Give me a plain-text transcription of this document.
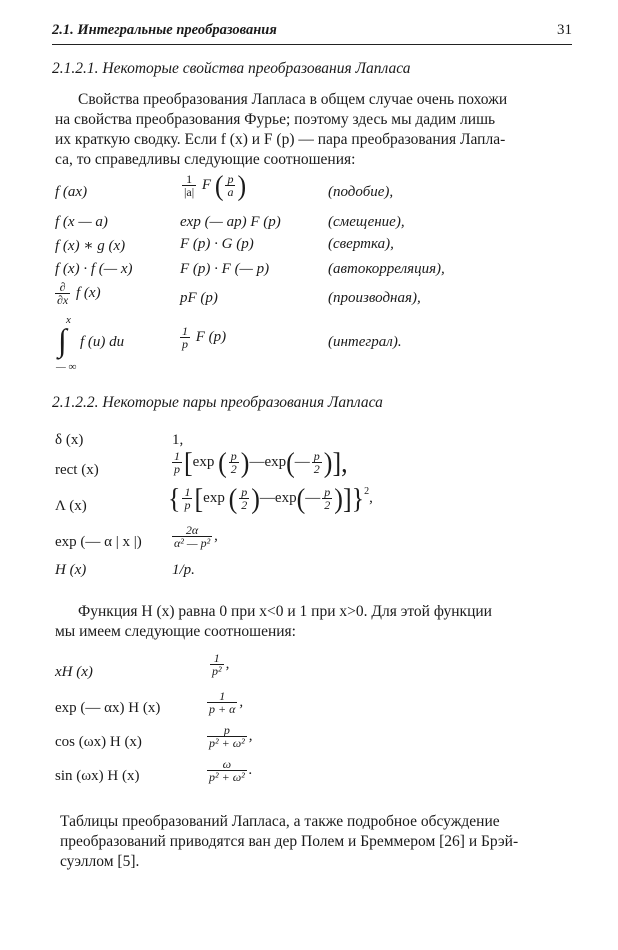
2.1. Интегральные преобразования	31
2.1.2.1. Некоторые свойства преобразования Лапласа
Свойства преобразования Лапласа в общем случае очень похожи
на свойства преобразования Фурье; поэтому здесь мы дадим лишь
их краткую сводку. Если f (x) и F (p) — пара преобразования Лапла-
са, то справедливы следующие соотношения:
f (ax)	$\frac{1}{|a|}$ F ( $\frac{p}{a}$ )	(подобие),
f (x — a)	exp (— ap) F (p)	(смещение),
f (x) ∗ g (x)	F (p) · G (p)	(свертка),
f (x) · f (— x)	F (p) · F (— p)	(автокорреляция),
∂
∂x f (x)	pF (p)	(производная),
x
∫
— ∞
f (u) du	$\frac{1}{p}$ F (p)	(интеграл).
2.1.2.2. Некоторые пары преобразования Лапласа
δ (x)	1,
rect (x)	$\frac{1}{p} [\exp$ ( $\frac{p}{2}$ )—exp(— $\frac{p}{2}$ )],
Λ (x)	{ $\frac{1}{p} [\exp$ ( $\frac{p}{2}$ )—exp(— $\frac{p}{2} )]\}^2$,
exp (— α | x |)	$\frac{2\alpha}{\text{α² — p²}}$ ,
H (x)	1/p.
Функция H (x) равна 0 при x<0 и 1 при x>0. Для этой функции
мы имеем следующие соотношения:
xH (x)	$\frac{1}{\text{p²}}$ ,
exp (— αx) H (x)	$\frac{1}{p + \alpha}$ ,
cos (ωx) H (x)	$\frac{p}{\text{p² + ω²}}$ ,
sin (ωx) H (x)	$\frac{\omega}{\text{p² + ω²}}$ .
Таблицы преобразований Лапласа, а также подробное обсуждение
преобразований приводятся ван дер Полем и Бреммером [26] и Брэй-
суэллом [5].
